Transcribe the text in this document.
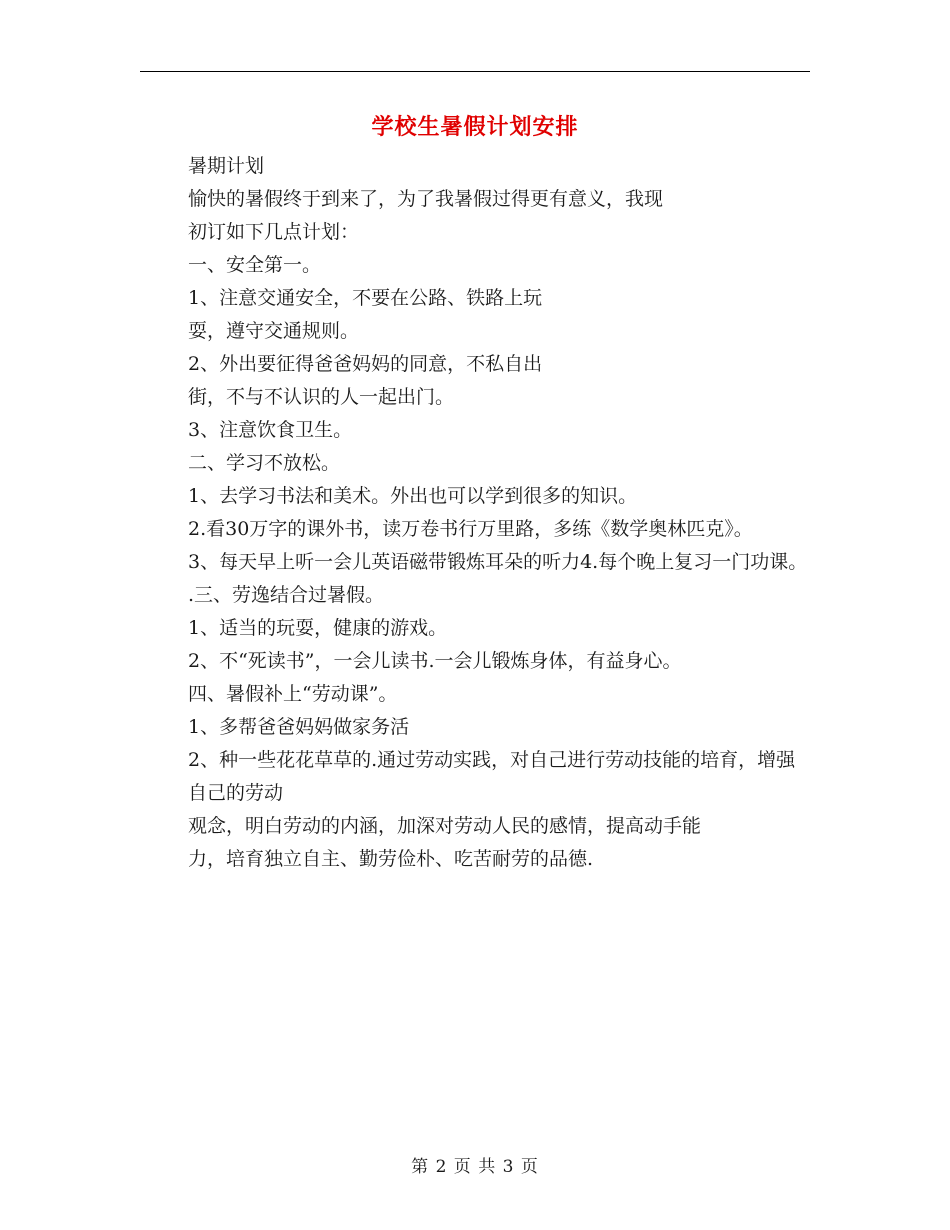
学校生暑假计划安排

暑期计划

愉快的暑假终于到来了，为了我暑假过得更有意义，我现

初订如下几点计划：

一、安全第一。

1、注意交通安全，不要在公路、铁路上玩

耍，遵守交通规则。

2、外出要征得爸爸妈妈的同意，不私自出

街，不与不认识的人一起出门。

3、注意饮食卫生。

二、学习不放松。

1、去学习书法和美术。外出也可以学到很多的知识。

2.看30万字的课外书，读万卷书行万里路，多练《数学奥林匹克》。

3、每天早上听一会儿英语磁带锻炼耳朵的听力4.每个晚上复习一门功课。

.三、劳逸结合过暑假。

1、适当的玩耍，健康的游戏。

2、不“死读书”，一会儿读书.一会儿锻炼身体，有益身心。

四、暑假补上“劳动课”。

1、多帮爸爸妈妈做家务活

2、种一些花花草草的.通过劳动实践，对自己进行劳动技能的培育，增强自己的劳动

观念，明白劳动的内涵，加深对劳动人民的感情，提高动手能

力，培育独立自主、勤劳俭朴、吃苦耐劳的品德.

第 2 页 共 3 页
